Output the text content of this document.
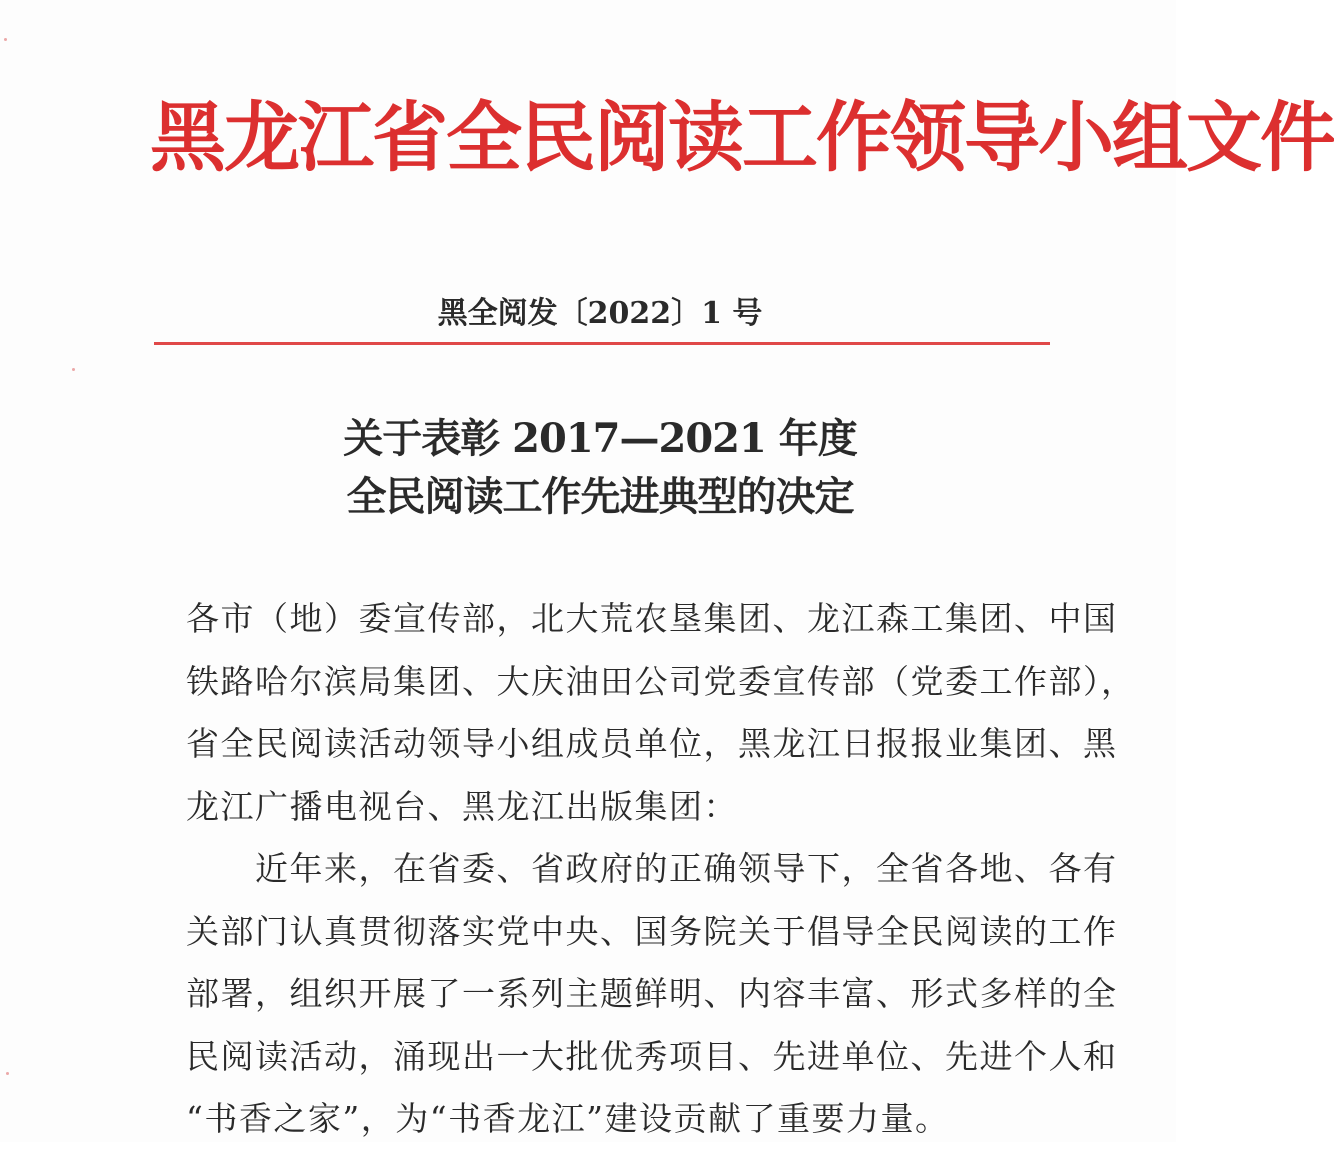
黑龙江省全民阅读工作领导小组文件
黑全阅发〔2022〕1 号
关于表彰 2017—2021 年度
全民阅读工作先进典型的决定
各市（地）委宣传部，北大荒农垦集团、龙江森工集团、中国
铁路哈尔滨局集团、大庆油田公司党委宣传部（党委工作部），
省全民阅读活动领导小组成员单位，黑龙江日报报业集团、黑
龙江广播电视台、黑龙江出版集团：
　　近年来，在省委、省政府的正确领导下，全省各地、各有
关部门认真贯彻落实党中央、国务院关于倡导全民阅读的工作
部署，组织开展了一系列主题鲜明、内容丰富、形式多样的全
民阅读活动，涌现出一大批优秀项目、先进单位、先进个人和
“书香之家”，为“书香龙江”建设贡献了重要力量。
